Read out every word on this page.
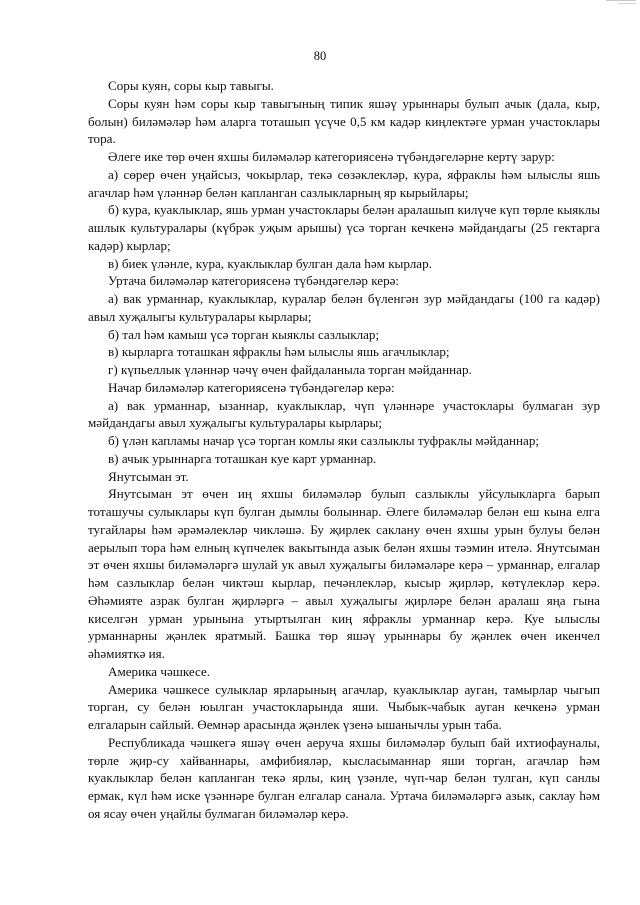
80

Соры куян, соры кыр тавыгы.

Соры куян һәм соры кыр тавыгының типик яшәү урыннары булып ачык (дала, кыр, болын) биләмәләр һәм аларга тоташып үсүче 0,5 км кадәр киңлектәге урман участоклары тора.

Әлеге ике төр өчен яхшы биләмәләр категориясенә түбәндәгеләрне кертү зарур:

а) сөрер өчен уңайсыз, чокырлар, текә сөзәклекләр, кура, яфраклы һәм ылыслы яшь агачлар һәм үләннәр белән капланган сазлыкларның яр кырыйлары;

б) кура, куаклыклар, яшь урман участоклары белән аралашып килүче күп төрле кыяклы ашлык культуралары (күбрәк уҗым арышы) үсә торган кечкенә мәйдандагы (25 гектарга кадәр) кырлар;

в) биек үләнле, кура, куаклыклар булган дала һәм кырлар.

Уртача биләмәләр категориясенә түбәндәгеләр керә:

а) вак урманнар, куаклыклар, куралар белән бүленгән зур мәйдандагы (100 га кадәр) авыл хуҗалыгы культуралары кырлары;

б) тал һәм камыш үсә торган кыяклы сазлыклар;

в) кырларга тоташкан яфраклы һәм ылыслы яшь агачлыклар;

г) күпьеллык үләннәр чәчү өчен файдаланыла торган мәйданнар.

Начар биләмәләр категориясенә түбәндәгеләр керә:

а) вак урманнар, ызаннар, куаклыклар, чүп үләннәре участоклары булмаган зур мәйдандагы авыл хуҗалыгы культуралары кырлары;

б) үлән капламы начар үсә торган комлы яки сазлыклы туфраклы мәйданнар;

в) ачык урыннарга тоташкан куе карт урманнар.

Янутсыман эт.

Янутсыман эт өчен иң яхшы биләмәләр булып сазлыклы уйсулыкларга барып тоташучы сулыклары күп булган дымлы болыннар. Әлеге биләмәләр белән еш кына елга тугайлары һәм әрәмәлекләр чикләшә. Бу җирлек саклану өчен яхшы урын булуы белән аерылып тора һәм елның күпчелек вакытында азык белән яхшы тәэмин ителә. Янутсыман эт өчен яхшы биләмәләргә шулай ук авыл хуҗалыгы биләмәләре керә – урманнар, елгалар һәм сазлыклар белән чиктәш кырлар, печәнлекләр, кысыр җирләр, көтүлекләр керә. Әһәмияте азрак булган җирләргә – авыл хуҗалыгы җирләре белән аралаш яңа гына киселгән урман урынына утыртылган киң яфраклы урманнар керә. Куе ылыслы урманнарны җәнлек яратмый. Башка төр яшәү урыннары бу җәнлек өчен икенчел әһәмияткә ия.

Америка чәшкесе.

Америка чәшкесе сулыклар ярларының агачлар, куаклыклар ауган, тамырлар чыгып торган, су белән юылган участокларында яши. Чыбык-чабык ауган кечкенә урман елгаларын сайлый. Өемнәр арасында җәнлек үзенә ышанычлы урын таба.

Республикада чәшкегә яшәү өчен аеруча яхшы биләмәләр булып бай ихтиофауналы, төрле җир-су хайваннары, амфибияләр, кысласыманнар яши торган, агачлар һәм куаклыклар белән капланган текә ярлы, киң үзәнле, чүп-чар белән тулган, күп санлы ермак, күл һәм иске үзәннәре булган елгалар санала. Уртача биләмәләргә азык, саклау һәм оя ясау өчен уңайлы булмаган биләмәләр керә.
